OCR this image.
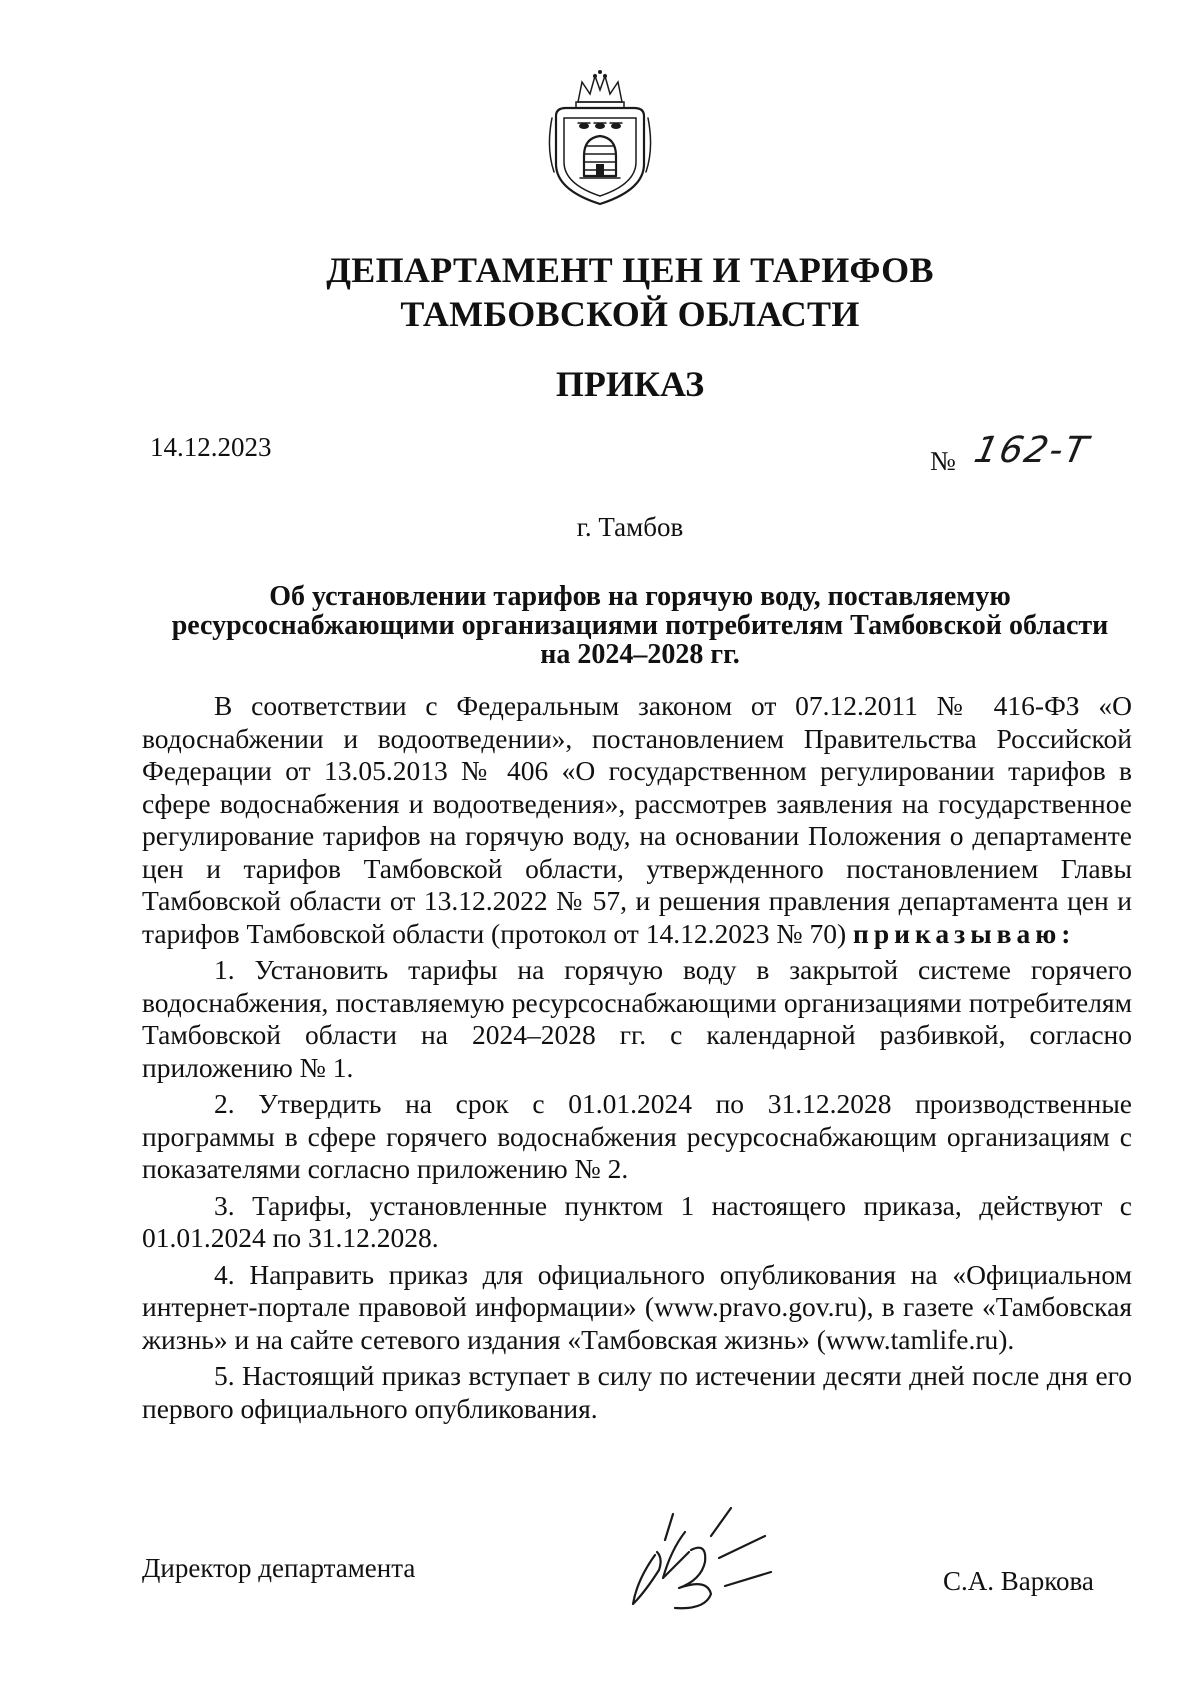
ДЕПАРТАМЕНТ ЦЕН И ТАРИФОВ
ТАМБОВСКОЙ ОБЛАСТИ
ПРИКАЗ
14.12.2023	№ 162-Т
г. Тамбов
Об установлении тарифов на горячую воду, поставляемую
ресурсоснабжающими организациями потребителям Тамбовской области
на 2024–2028 гг.

В соответствии с Федеральным законом от 07.12.2011 № 416-ФЗ «О водоснабжении и водоотведении», постановлением Правительства Российской Федерации от 13.05.2013 № 406 «О государственном регулировании тарифов в сфере водоснабжения и водоотведения», рассмотрев заявления на государственное регулирование тарифов на горячую воду, на основании Положения о департаменте цен и тарифов Тамбовской области, утвержденного постановлением Главы Тамбовской области от 13.12.2022 № 57, и решения правления департамента цен и тарифов Тамбовской области (протокол от 14.12.2023 № 70) приказываю:

1. Установить тарифы на горячую воду в закрытой системе горячего водоснабжения, поставляемую ресурсоснабжающими организациями потребителям Тамбовской области на 2024–2028 гг. с календарной разбивкой, согласно приложению № 1.

2. Утвердить на срок с 01.01.2024 по 31.12.2028 производственные программы в сфере горячего водоснабжения ресурсоснабжающим организациям с показателями согласно приложению № 2.

3. Тарифы, установленные пунктом 1 настоящего приказа, действуют с 01.01.2024 по 31.12.2028.

4. Направить приказ для официального опубликования на «Официальном интернет-портале правовой информации» (www.pravo.gov.ru), в газете «Тамбовская жизнь» и на сайте сетевого издания «Тамбовская жизнь» (www.tamlife.ru).

5. Настоящий приказ вступает в силу по истечении десяти дней после дня его первого официального опубликования.

Директор департамента	С.А. Варкова
